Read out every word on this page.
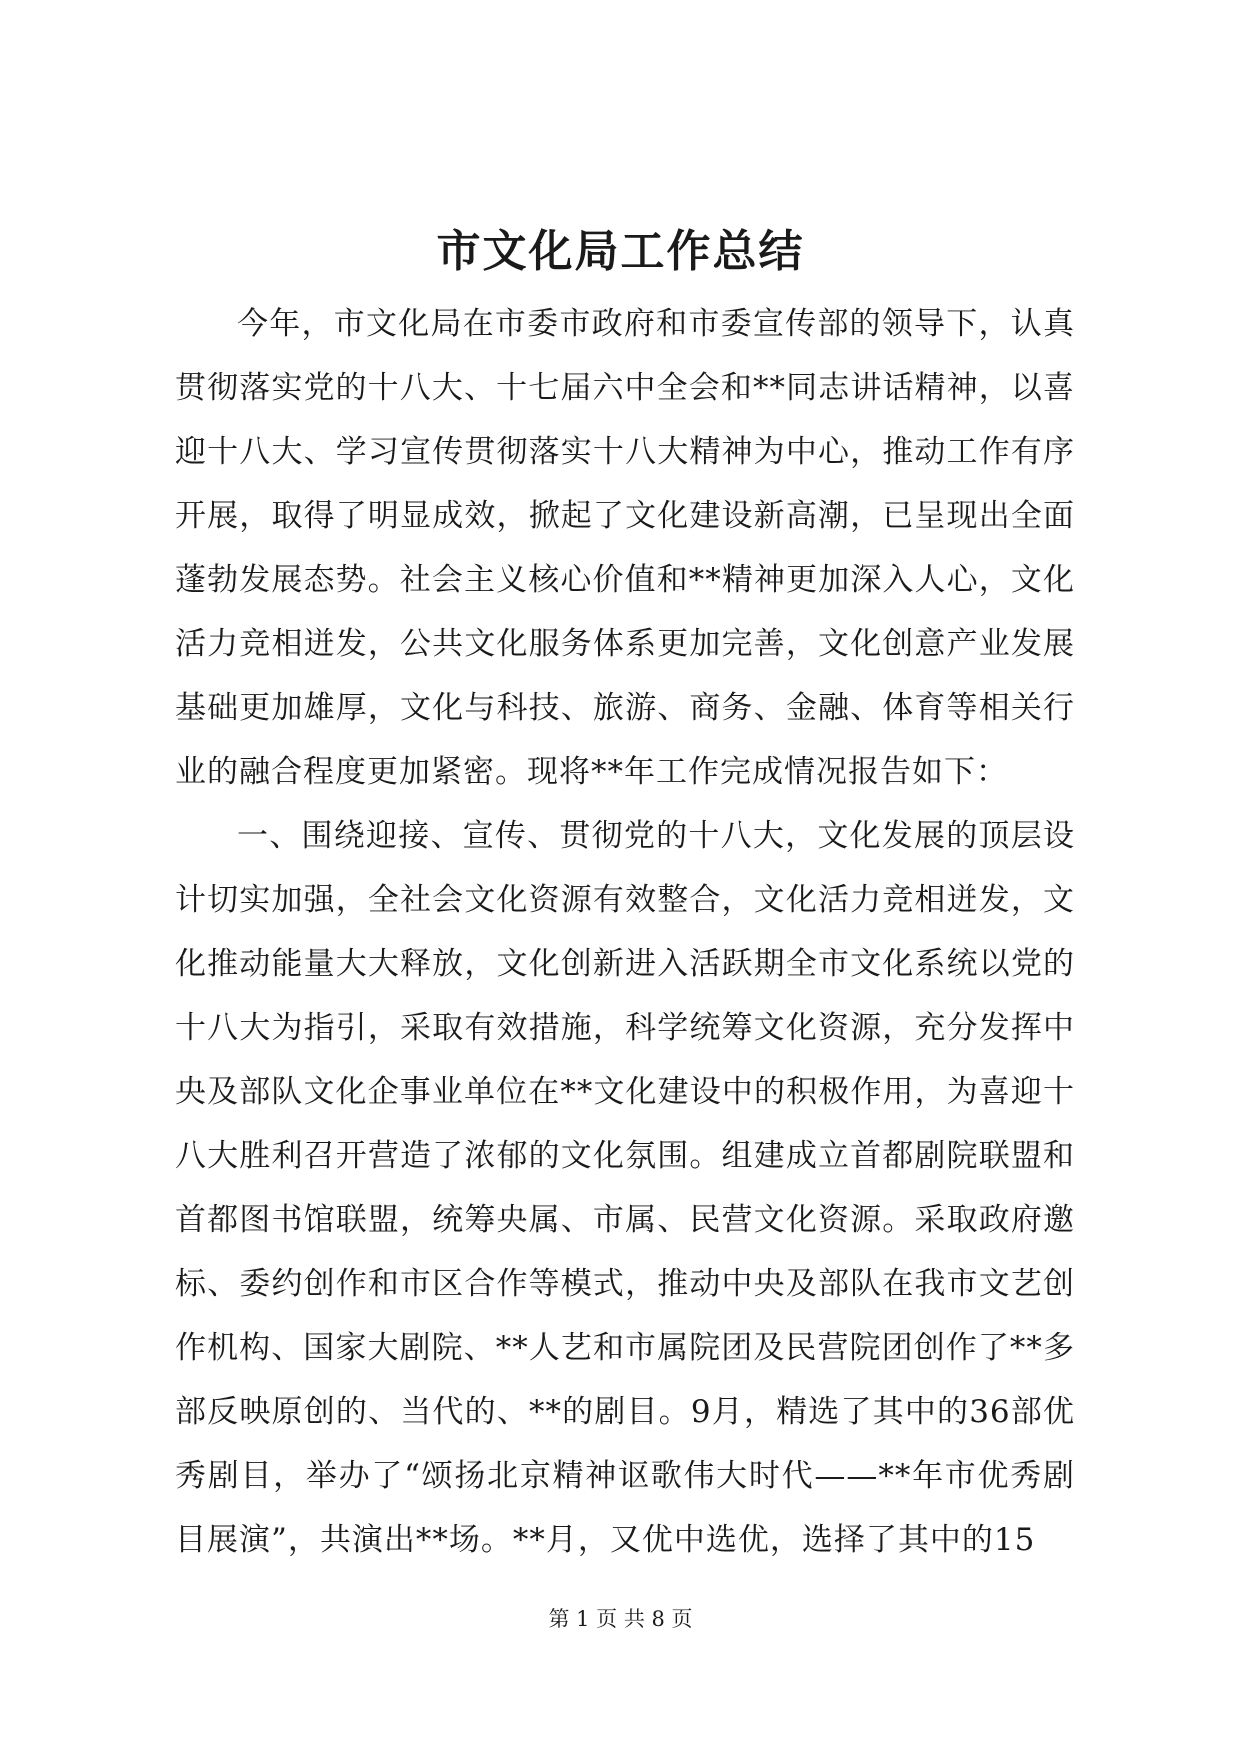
市文化局工作总结

今年，市文化局在市委市政府和市委宣传部的领导下，认真贯彻落实党的十八大、十七届六中全会和**同志讲话精神，以喜迎十八大、学习宣传贯彻落实十八大精神为中心，推动工作有序开展，取得了明显成效，掀起了文化建设新高潮，已呈现出全面蓬勃发展态势。社会主义核心价值和**精神更加深入人心，文化活力竞相迸发，公共文化服务体系更加完善，文化创意产业发展基础更加雄厚，文化与科技、旅游、商务、金融、体育等相关行业的融合程度更加紧密。现将**年工作完成情况报告如下：

一、围绕迎接、宣传、贯彻党的十八大，文化发展的顶层设计切实加强，全社会文化资源有效整合，文化活力竞相迸发，文化推动能量大大释放，文化创新进入活跃期全市文化系统以党的十八大为指引，采取有效措施，科学统筹文化资源，充分发挥中央及部队文化企事业单位在**文化建设中的积极作用，为喜迎十八大胜利召开营造了浓郁的文化氛围。组建成立首都剧院联盟和首都图书馆联盟，统筹央属、市属、民营文化资源。采取政府邀标、委约创作和市区合作等模式，推动中央及部队在我市文艺创作机构、国家大剧院、**人艺和市属院团及民营院团创作了**多部反映原创的、当代的、**的剧目。9月，精选了其中的36部优秀剧目，举办了“颂扬北京精神讴歌伟大时代——**年市优秀剧目展演”，共演出**场。**月，又优中选优，选择了其中的15

第 1 页 共 8 页
